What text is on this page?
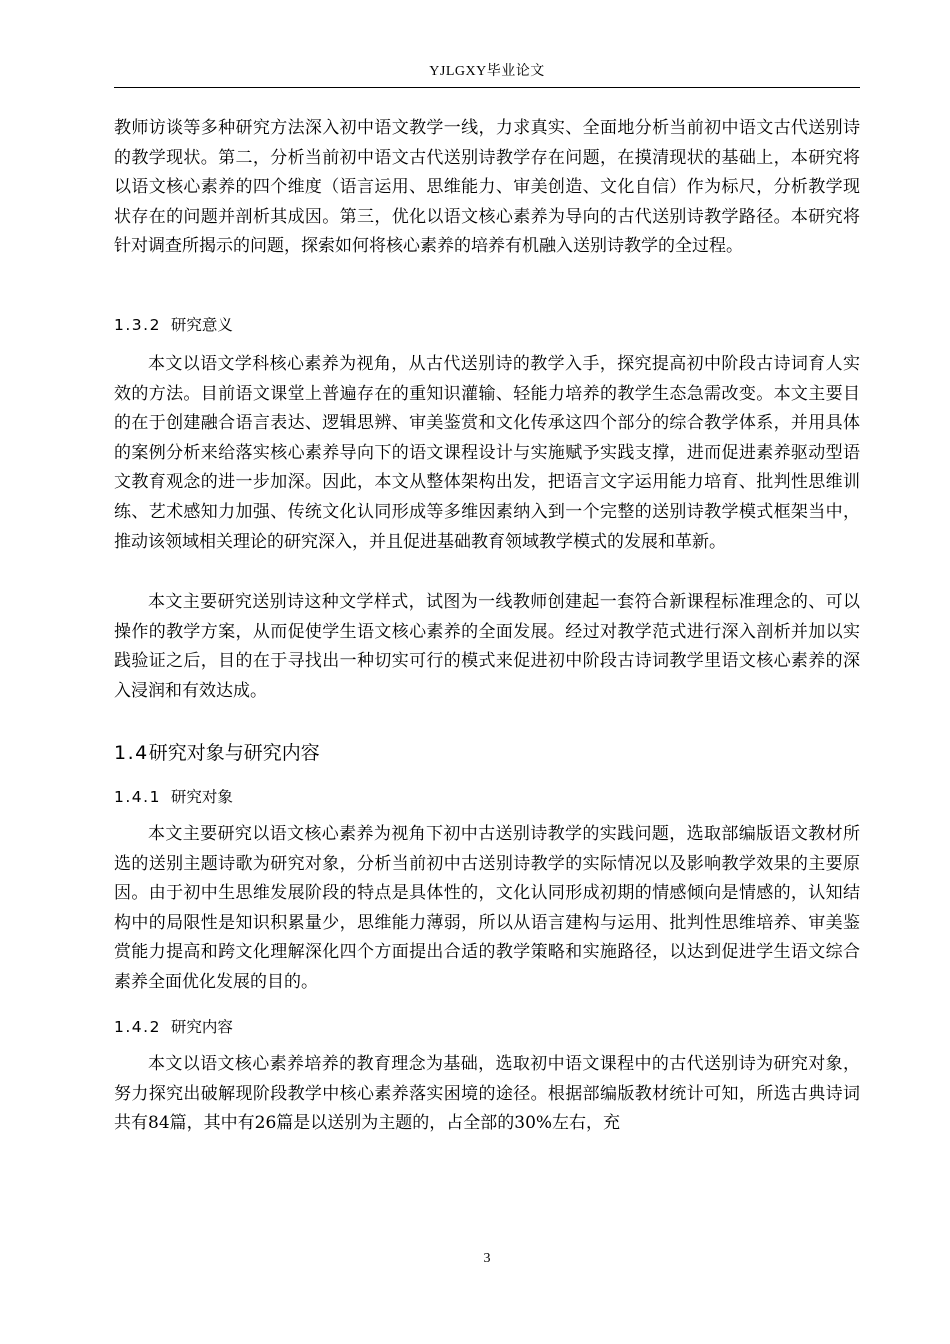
YJLGXY毕业论文

教师访谈等多种研究方法深入初中语文教学一线，力求真实、全面地分析当前初中语文古代送别诗的教学现状。第二，分析当前初中语文古代送别诗教学存在问题，在摸清现状的基础上，本研究将以语文核心素养的四个维度（语言运用、思维能力、审美创造、文化自信）作为标尺，分析教学现状存在的问题并剖析其成因。第三，优化以语文核心素养为导向的古代送别诗教学路径。本研究将针对调查所揭示的问题，探索如何将核心素养的培养有机融入送别诗教学的全过程。

1.3.2 研究意义

本文以语文学科核心素养为视角，从古代送别诗的教学入手，探究提高初中阶段古诗词育人实效的方法。目前语文课堂上普遍存在的重知识灌输、轻能力培养的教学生态急需改变。本文主要目的在于创建融合语言表达、逻辑思辨、审美鉴赏和文化传承这四个部分的综合教学体系，并用具体的案例分析来给落实核心素养导向下的语文课程设计与实施赋予实践支撑，进而促进素养驱动型语文教育观念的进一步加深。因此，本文从整体架构出发，把语言文字运用能力培育、批判性思维训练、艺术感知力加强、传统文化认同形成等多维因素纳入到一个完整的送别诗教学模式框架当中，推动该领域相关理论的研究深入，并且促进基础教育领域教学模式的发展和革新。

本文主要研究送别诗这种文学样式，试图为一线教师创建起一套符合新课程标准理念的、可以操作的教学方案，从而促使学生语文核心素养的全面发展。经过对教学范式进行深入剖析并加以实践验证之后，目的在于寻找出一种切实可行的模式来促进初中阶段古诗词教学里语文核心素养的深入浸润和有效达成。

1.4研究对象与研究内容
1.4.1 研究对象

本文主要研究以语文核心素养为视角下初中古送别诗教学的实践问题，选取部编版语文教材所选的送别主题诗歌为研究对象，分析当前初中古送别诗教学的实际情况以及影响教学效果的主要原因。由于初中生思维发展阶段的特点是具体性的，文化认同形成初期的情感倾向是情感的，认知结构中的局限性是知识积累量少，思维能力薄弱，所以从语言建构与运用、批判性思维培养、审美鉴赏能力提高和跨文化理解深化四个方面提出合适的教学策略和实施路径，以达到促进学生语文综合素养全面优化发展的目的。

1.4.2 研究内容

本文以语文核心素养培养的教育理念为基础，选取初中语文课程中的古代送别诗为研究对象，努力探究出破解现阶段教学中核心素养落实困境的途径。根据部编版教材统计可知，所选古典诗词共有84篇，其中有26篇是以送别为主题的，占全部的30%左右，充

3
